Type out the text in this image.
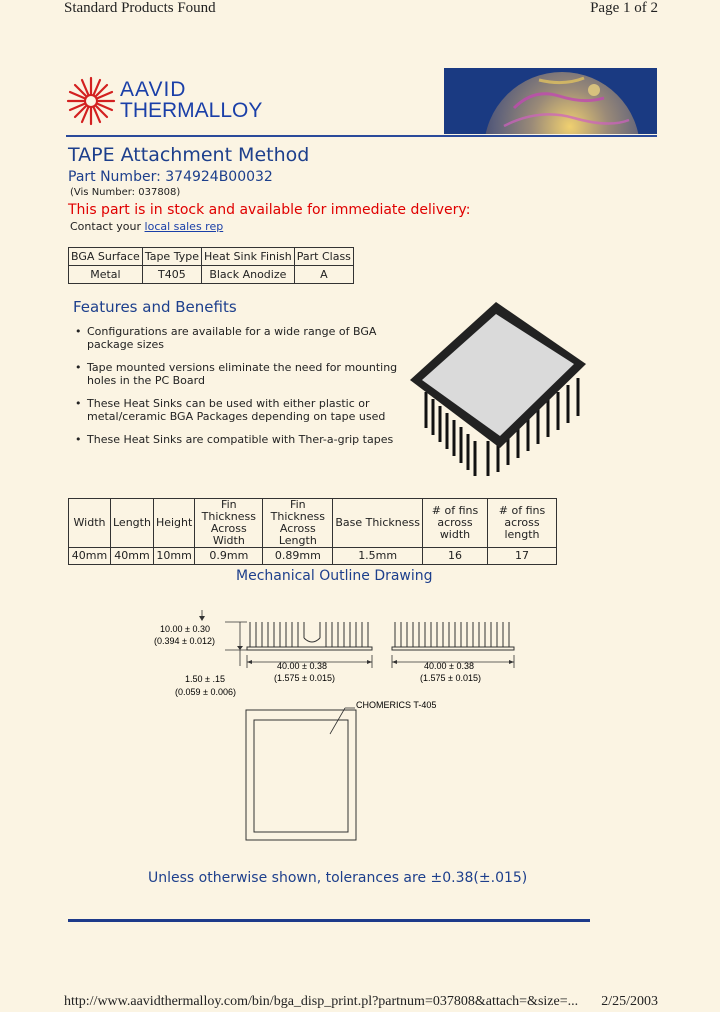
Standard Products Found	Page 1 of 2
AAVID
THERMALLOY
TAPE Attachment Method
Part Number: 374924B00032
(Vis Number: 037808)
This part is in stock and available for immediate delivery:
Contact your local sales rep
BGA Surface	Tape Type	Heat Sink Finish	Part Class
Metal	T405	Black Anodize	A
Features and Benefits
• Configurations are available for a wide range of BGA package sizes
• Tape mounted versions eliminate the need for mounting holes in the PC Board
• These Heat Sinks can be used with either plastic or metal/ceramic BGA Packages depending on tape used
• These Heat Sinks are compatible with Ther-a-grip tapes
Width	Length	Height	Fin Thickness Across Width	Fin Thickness Across Length	Base Thickness	# of fins across width	# of fins across length
40mm	40mm	10mm	0.9mm	0.89mm	1.5mm	16	17
Mechanical Outline Drawing
10.00 ± 0.30
(0.394 ± 0.012)
1.50 ± .15
(0.059 ± 0.006)
40.00 ± 0.38
(1.575 ± 0.015)
40.00 ± 0.38
(1.575 ± 0.015)
CHOMERICS T-405
Unless otherwise shown, tolerances are ±0.38(±.015)
http://www.aavidthermalloy.com/bin/bga_disp_print.pl?partnum=037808&attach=&size=... 2/25/2003
